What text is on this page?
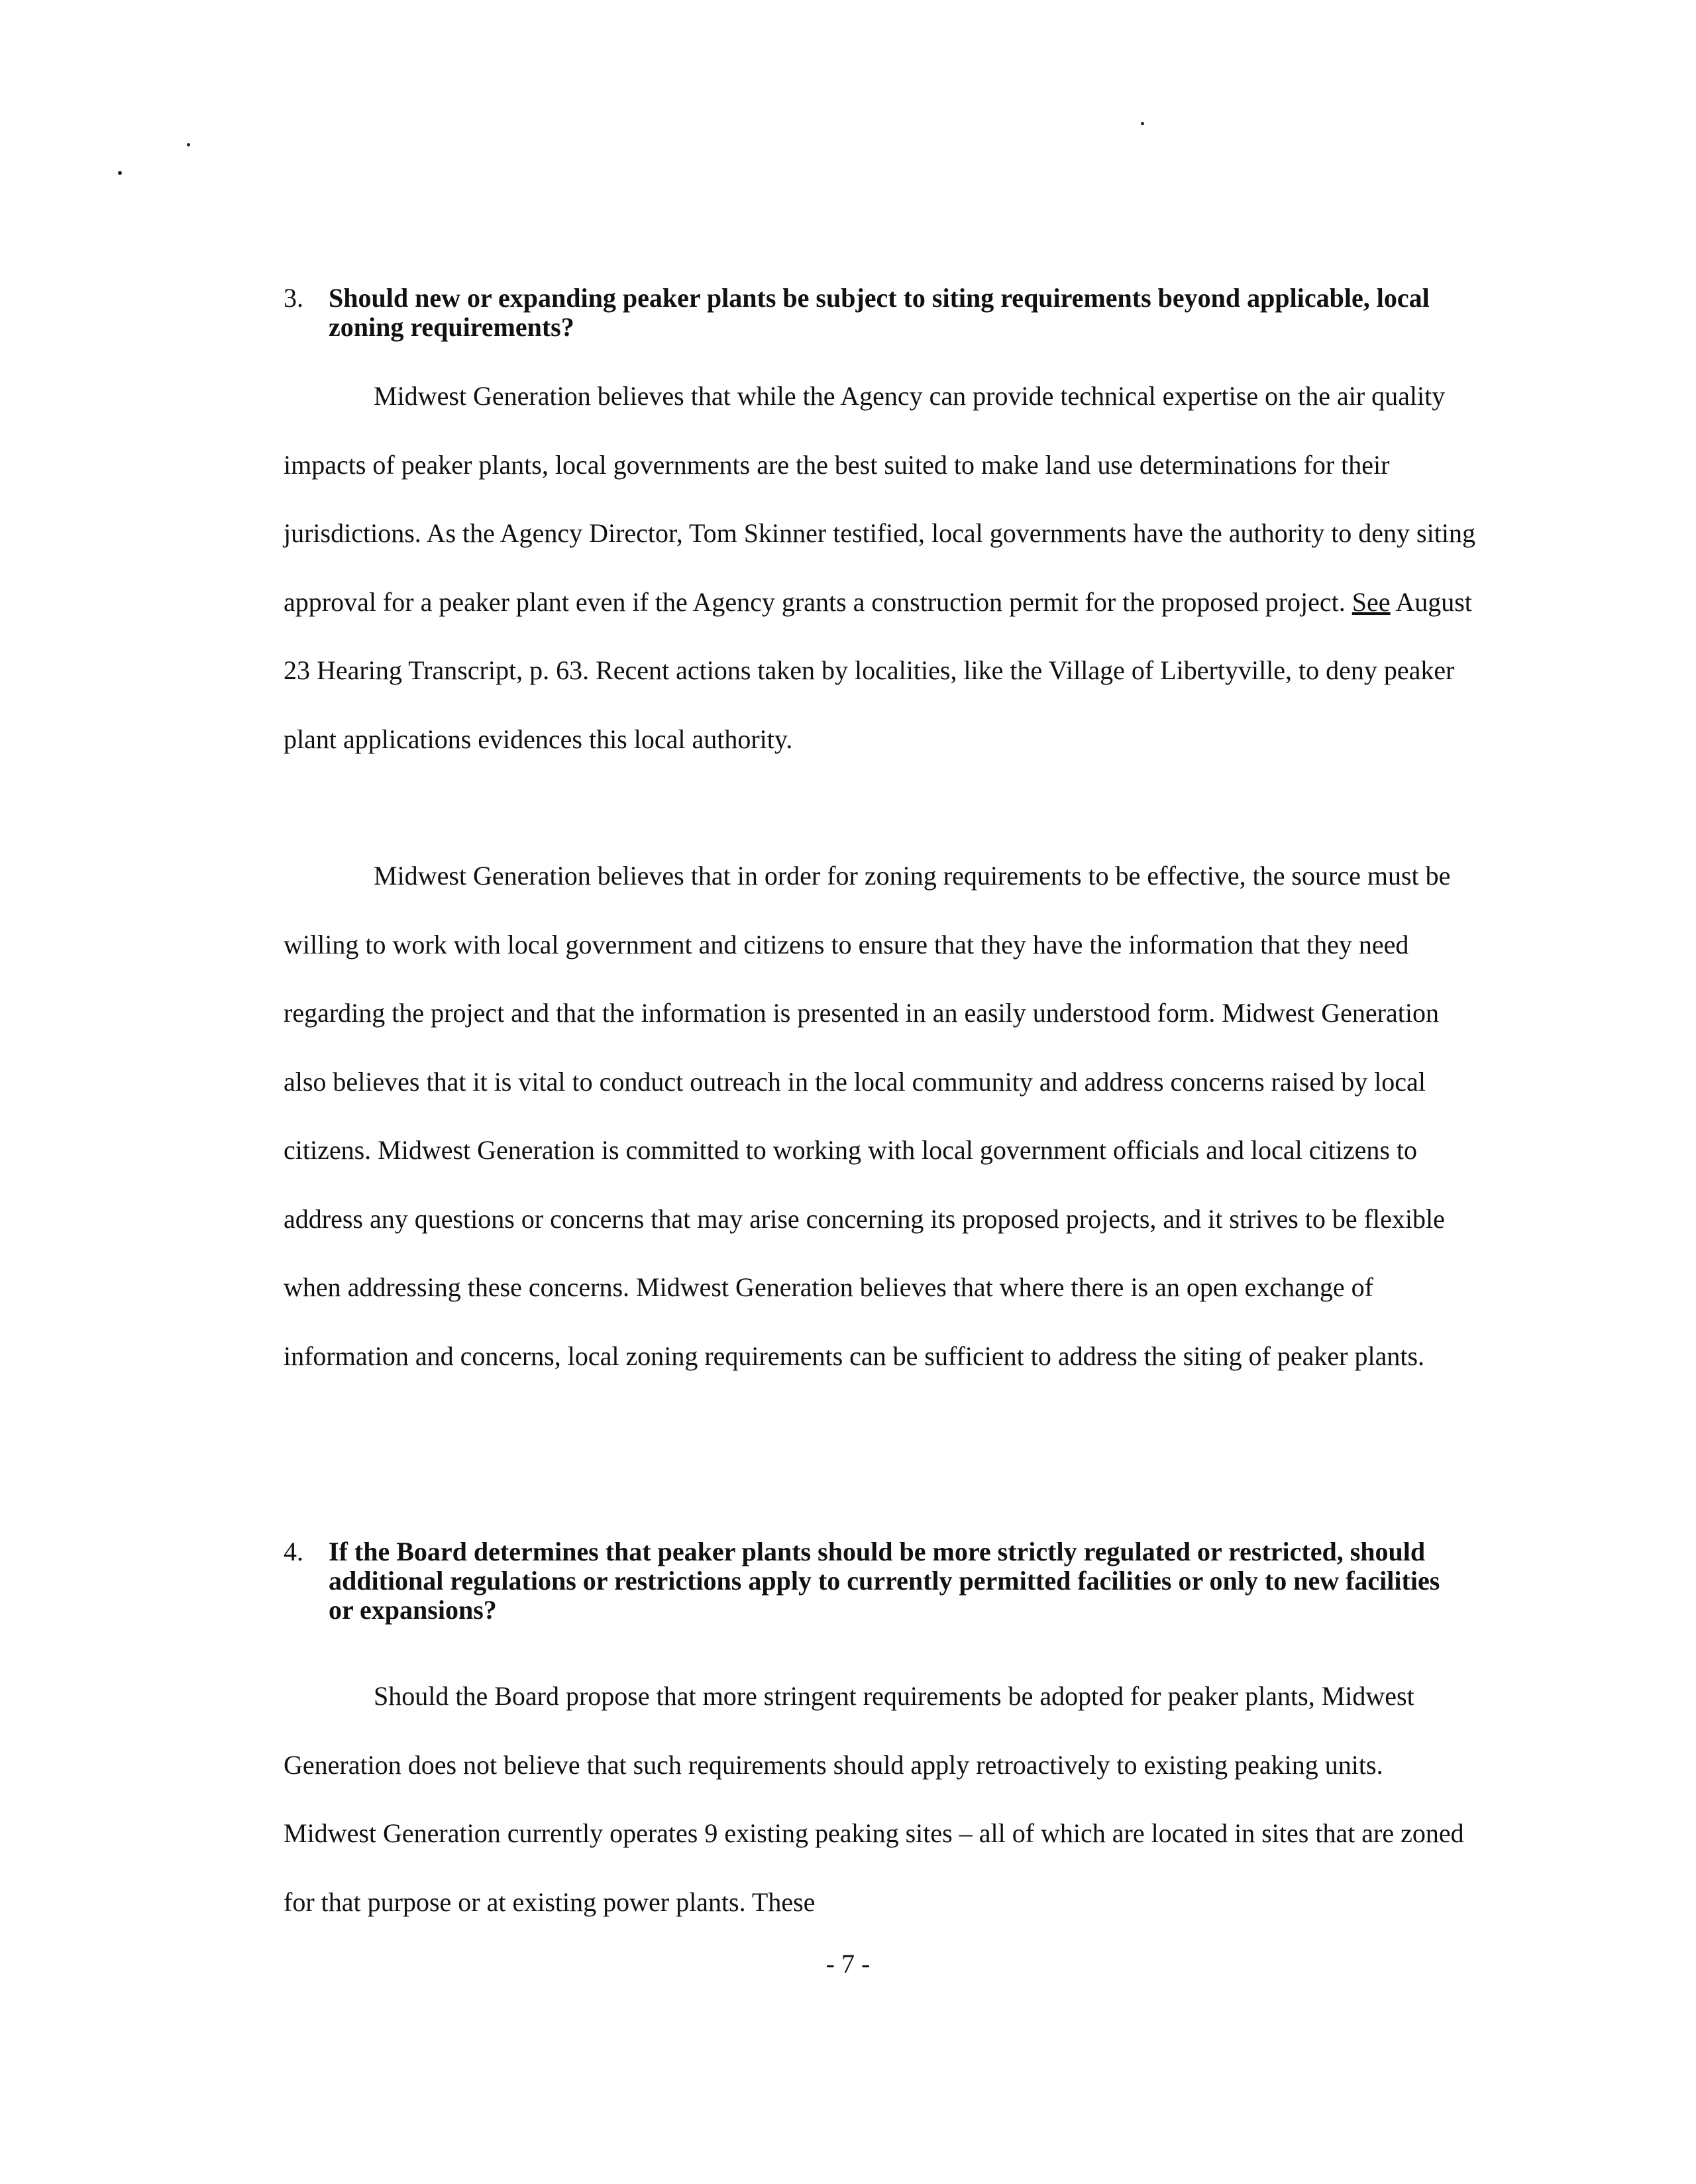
3. Should new or expanding peaker plants be subject to siting requirements beyond applicable, local zoning requirements?

Midwest Generation believes that while the Agency can provide technical expertise on the air quality impacts of peaker plants, local governments are the best suited to make land use determinations for their jurisdictions. As the Agency Director, Tom Skinner testified, local governments have the authority to deny siting approval for a peaker plant even if the Agency grants a construction permit for the proposed project. See August 23 Hearing Transcript, p. 63. Recent actions taken by localities, like the Village of Libertyville, to deny peaker plant applications evidences this local authority.

Midwest Generation believes that in order for zoning requirements to be effective, the source must be willing to work with local government and citizens to ensure that they have the information that they need regarding the project and that the information is presented in an easily understood form. Midwest Generation also believes that it is vital to conduct outreach in the local community and address concerns raised by local citizens. Midwest Generation is committed to working with local government officials and local citizens to address any questions or concerns that may arise concerning its proposed projects, and it strives to be flexible when addressing these concerns. Midwest Generation believes that where there is an open exchange of information and concerns, local zoning requirements can be sufficient to address the siting of peaker plants.

4. If the Board determines that peaker plants should be more strictly regulated or restricted, should additional regulations or restrictions apply to currently permitted facilities or only to new facilities or expansions?

Should the Board propose that more stringent requirements be adopted for peaker plants, Midwest Generation does not believe that such requirements should apply retroactively to existing peaking units. Midwest Generation currently operates 9 existing peaking sites – all of which are located in sites that are zoned for that purpose or at existing power plants. These

- 7 -
